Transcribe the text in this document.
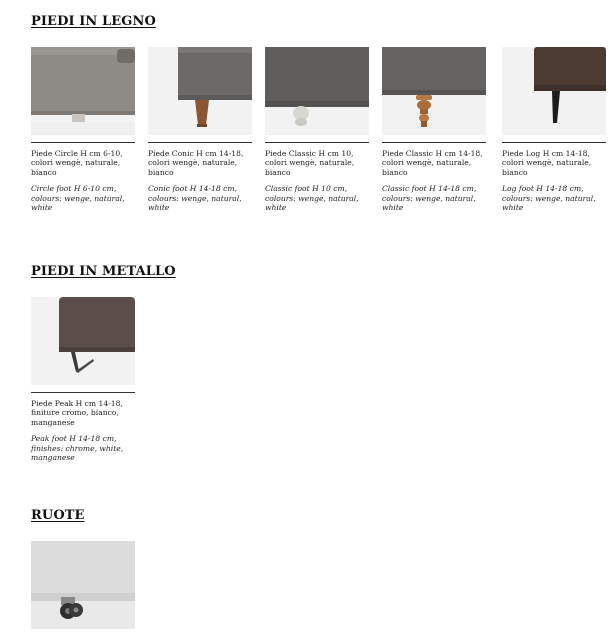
PIEDI IN LEGNO
Piede Circle H cm 6-10, colori wengè, naturale, bianco
Circle foot H 6-10 cm, colours: wenge, natural, white
Piede Conic H cm 14-18, colori wengè, naturale, bianco
Conic foot H 14-18 cm, colours: wenge, natural, white
Piede Classic H cm 10, colori wengè, naturale, bianco
Classic foot H 10 cm, colours: wenge, natural, white
Piede Classic H cm 14-18, colori wengè, naturale, bianco
Classic foot H 14-18 cm, colours: wenge, natural, white
Piede Log H cm 14-18, colori wengè, naturale, bianco
Log foot H 14-18 cm, colours: wenge, natural, white
PIEDI IN METALLO
Piede Peak H cm 14-18, finiture cromo, bianco, manganese
Peak foot H 14-18 cm, finishes: chrome, white, manganese
RUOTE
